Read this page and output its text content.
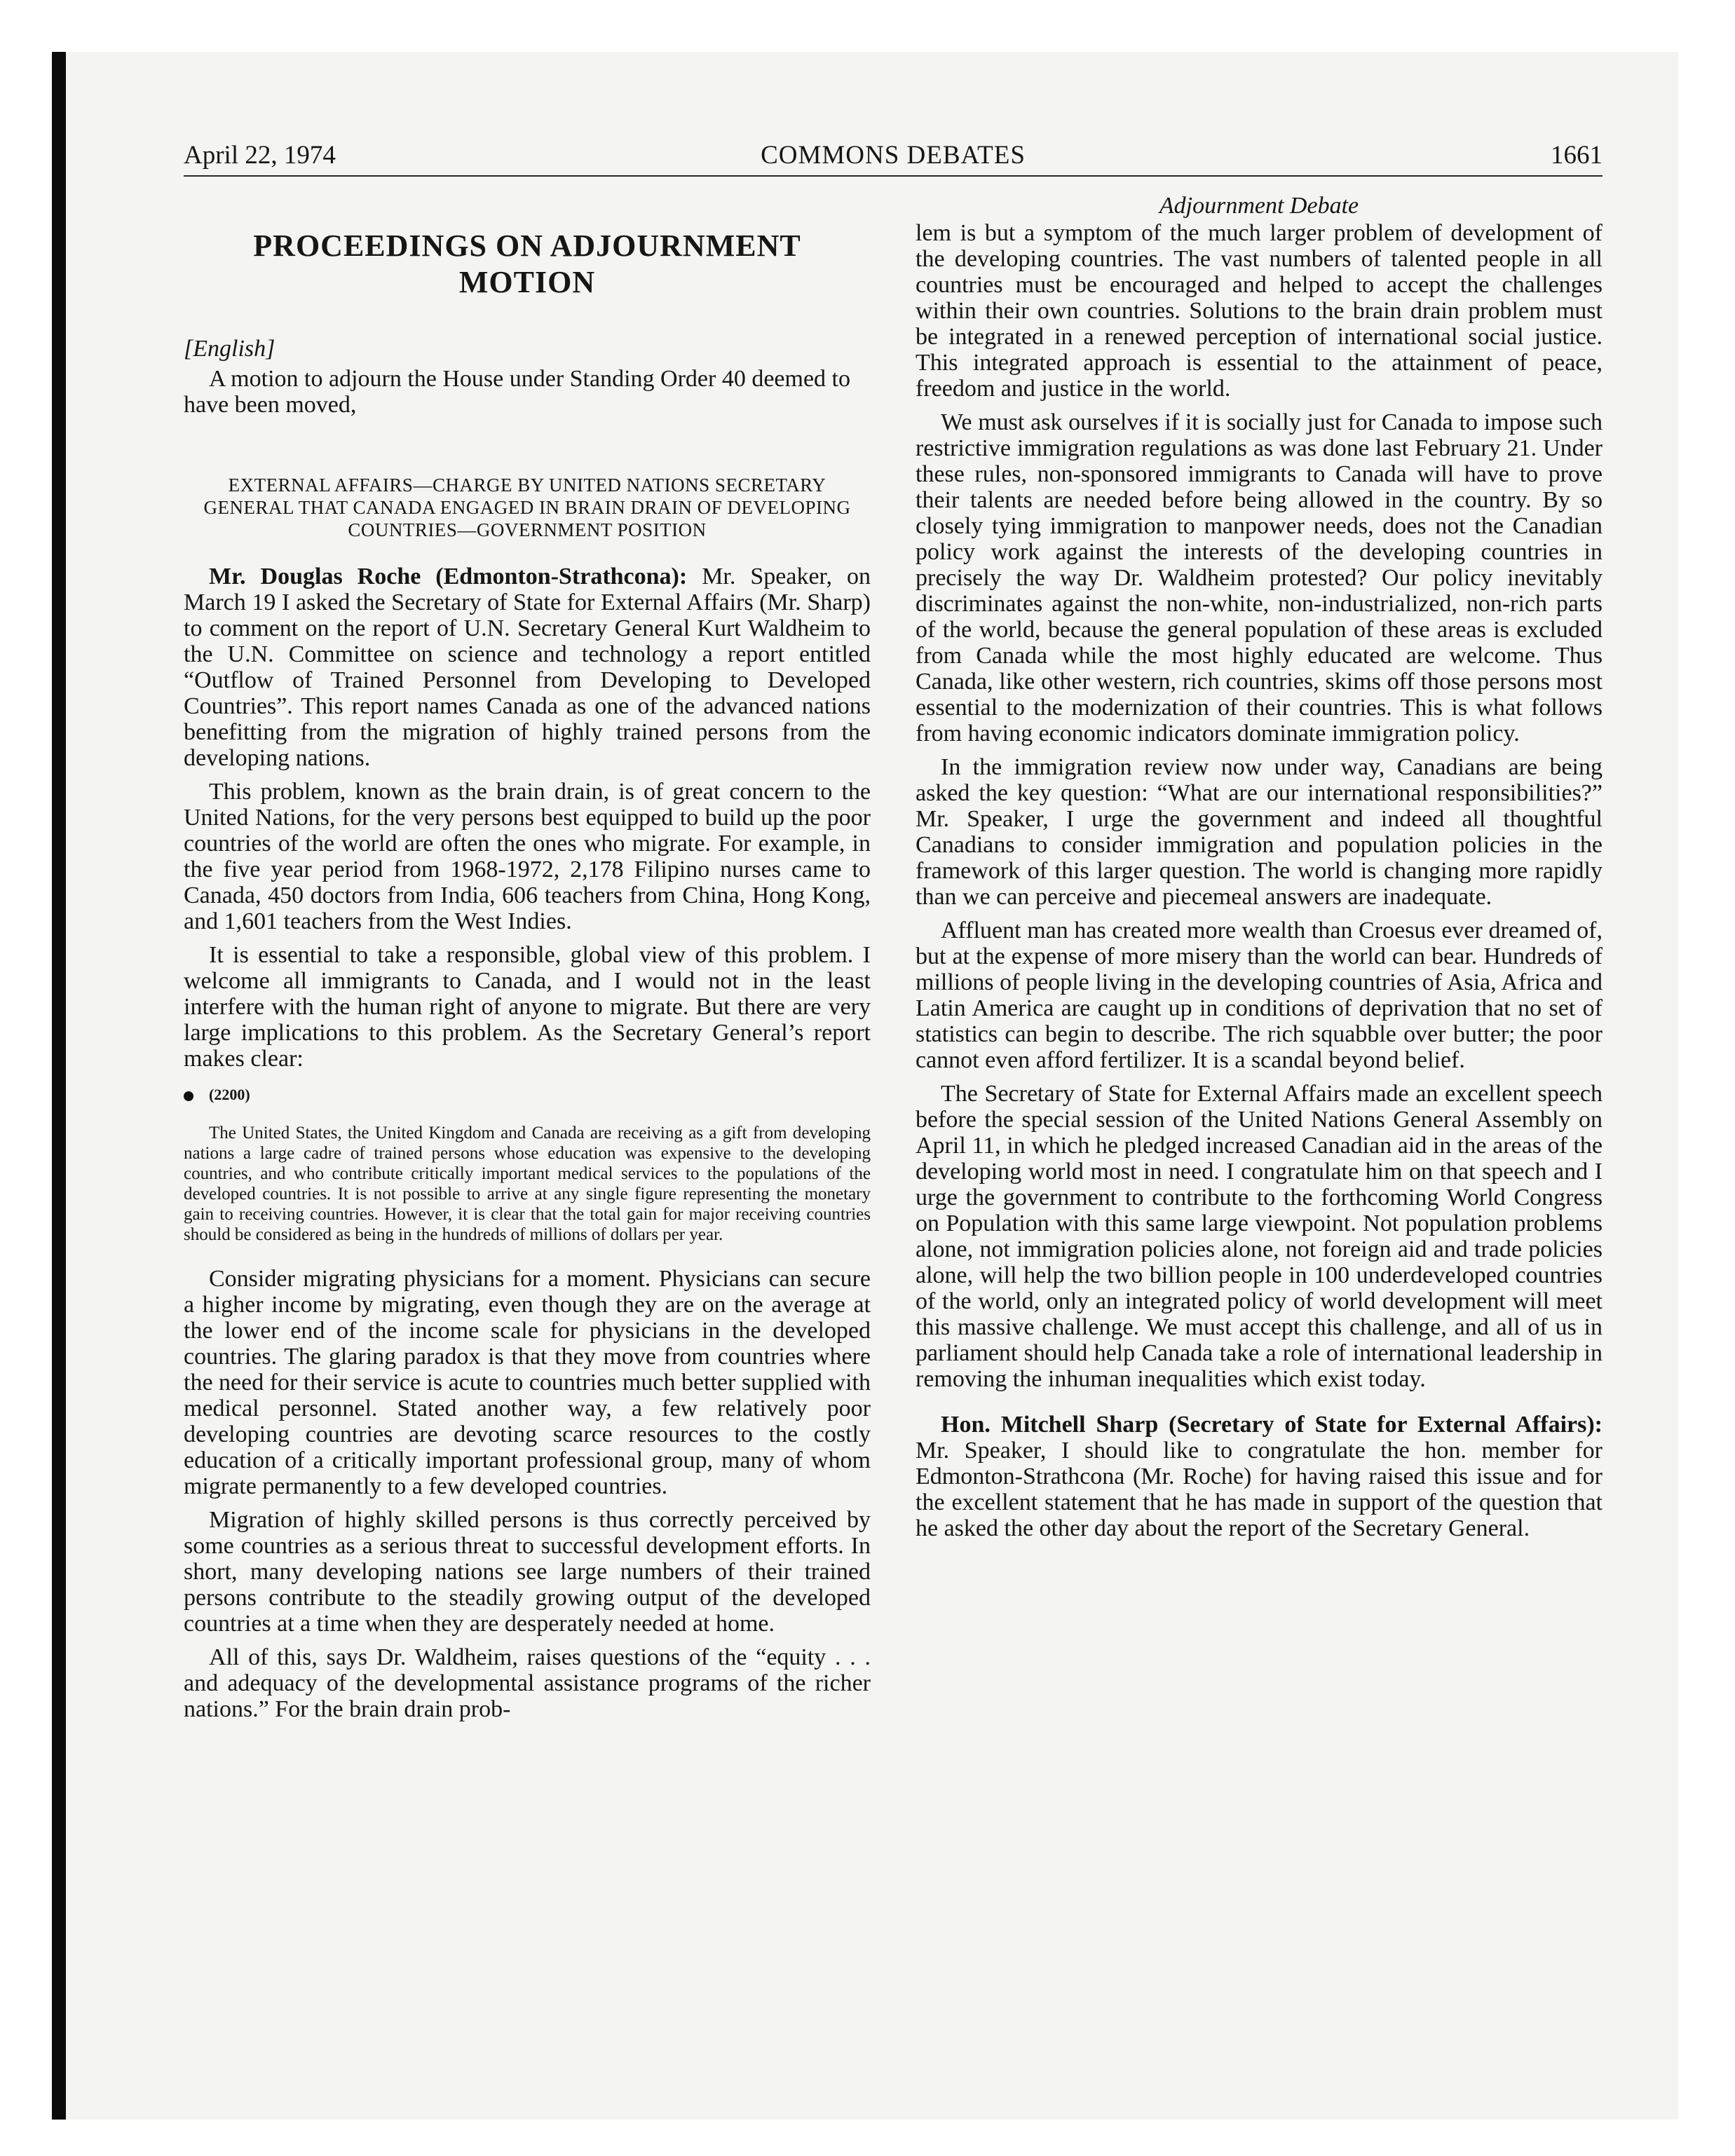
April 22, 1974	COMMONS DEBATES	1661
PROCEEDINGS ON ADJOURNMENT MOTION

[English]

A motion to adjourn the House under Standing Order 40 deemed to have been moved,

EXTERNAL AFFAIRS—CHARGE BY UNITED NATIONS SECRETARY GENERAL THAT CANADA ENGAGED IN BRAIN DRAIN OF DEVELOPING COUNTRIES—GOVERNMENT POSITION

Mr. Douglas Roche (Edmonton-Strathcona): Mr. Speaker, on March 19 I asked the Secretary of State for External Affairs (Mr. Sharp) to comment on the report of U.N. Secretary General Kurt Waldheim to the U.N. Committee on science and technology a report entitled “Outflow of Trained Personnel from Developing to Developed Countries”. This report names Canada as one of the advanced nations benefitting from the migration of highly trained persons from the developing nations.

This problem, known as the brain drain, is of great concern to the United Nations, for the very persons best equipped to build up the poor countries of the world are often the ones who migrate. For example, in the five year period from 1968-1972, 2,178 Filipino nurses came to Canada, 450 doctors from India, 606 teachers from China, Hong Kong, and 1,601 teachers from the West Indies.

It is essential to take a responsible, global view of this problem. I welcome all immigrants to Canada, and I would not in the least interfere with the human right of anyone to migrate. But there are very large implications to this problem. As the Secretary General’s report makes clear:

(2200)

The United States, the United Kingdom and Canada are receiving as a gift from developing nations a large cadre of trained persons whose education was expensive to the developing countries, and who contribute critically important medical services to the populations of the developed countries. It is not possible to arrive at any single figure representing the monetary gain to receiving countries. However, it is clear that the total gain for major receiving countries should be considered as being in the hundreds of millions of dollars per year.

Consider migrating physicians for a moment. Physicians can secure a higher income by migrating, even though they are on the average at the lower end of the income scale for physicians in the developed countries. The glaring paradox is that they move from countries where the need for their service is acute to countries much better supplied with medical personnel. Stated another way, a few relatively poor developing countries are devoting scarce resources to the costly education of a critically important professional group, many of whom migrate permanently to a few developed countries.

Migration of highly skilled persons is thus correctly perceived by some countries as a serious threat to successful development efforts. In short, many developing nations see large numbers of their trained persons contribute to the steadily growing output of the developed countries at a time when they are desperately needed at home.

All of this, says Dr. Waldheim, raises questions of the “equity . . . and adequacy of the developmental assistance programs of the richer nations.” For the brain drain prob-

Adjournment Debate

lem is but a symptom of the much larger problem of development of the developing countries. The vast numbers of talented people in all countries must be encouraged and helped to accept the challenges within their own countries. Solutions to the brain drain problem must be integrated in a renewed perception of international social justice. This integrated approach is essential to the attainment of peace, freedom and justice in the world.

We must ask ourselves if it is socially just for Canada to impose such restrictive immigration regulations as was done last February 21. Under these rules, non-sponsored immigrants to Canada will have to prove their talents are needed before being allowed in the country. By so closely tying immigration to manpower needs, does not the Canadian policy work against the interests of the developing countries in precisely the way Dr. Waldheim protested? Our policy inevitably discriminates against the non-white, non-industrialized, non-rich parts of the world, because the general population of these areas is excluded from Canada while the most highly educated are welcome. Thus Canada, like other western, rich countries, skims off those persons most essential to the modernization of their countries. This is what follows from having economic indicators dominate immigration policy.

In the immigration review now under way, Canadians are being asked the key question: “What are our international responsibilities?” Mr. Speaker, I urge the government and indeed all thoughtful Canadians to consider immigration and population policies in the framework of this larger question. The world is changing more rapidly than we can perceive and piecemeal answers are inadequate.

Affluent man has created more wealth than Croesus ever dreamed of, but at the expense of more misery than the world can bear. Hundreds of millions of people living in the developing countries of Asia, Africa and Latin America are caught up in conditions of deprivation that no set of statistics can begin to describe. The rich squabble over butter; the poor cannot even afford fertilizer. It is a scandal beyond belief.

The Secretary of State for External Affairs made an excellent speech before the special session of the United Nations General Assembly on April 11, in which he pledged increased Canadian aid in the areas of the developing world most in need. I congratulate him on that speech and I urge the government to contribute to the forthcoming World Congress on Population with this same large viewpoint. Not population problems alone, not immigration policies alone, not foreign aid and trade policies alone, will help the two billion people in 100 underdeveloped countries of the world, only an integrated policy of world development will meet this massive challenge. We must accept this challenge, and all of us in parliament should help Canada take a role of international leadership in removing the inhuman inequalities which exist today.

Hon. Mitchell Sharp (Secretary of State for External Affairs): Mr. Speaker, I should like to congratulate the hon. member for Edmonton-Strathcona (Mr. Roche) for having raised this issue and for the excellent statement that he has made in support of the question that he asked the other day about the report of the Secretary General.
